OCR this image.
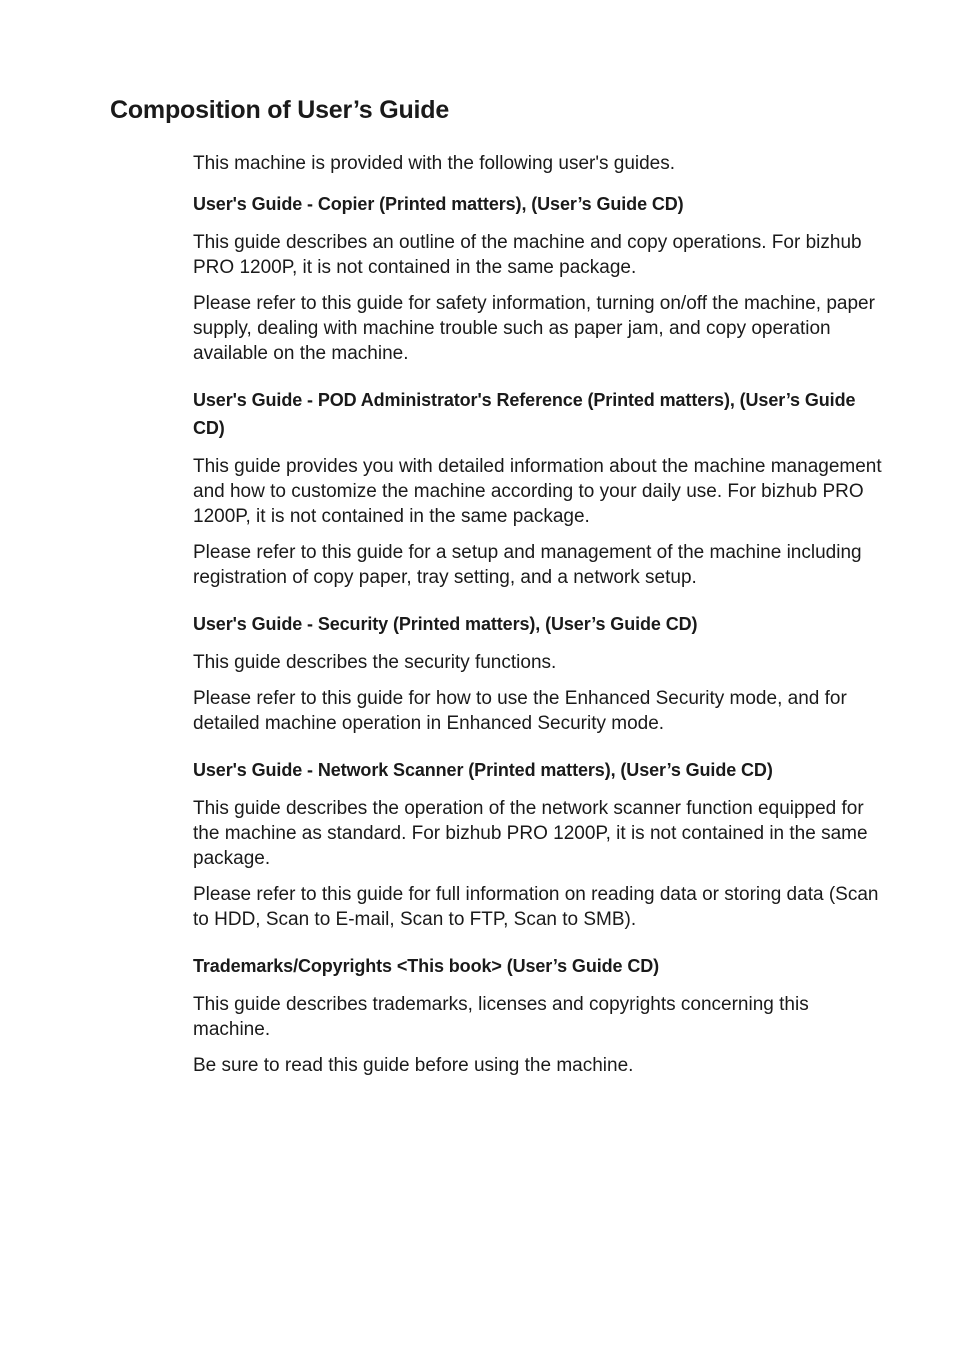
Composition of User’s Guide

This machine is provided with the following user's guides.

User's Guide - Copier (Printed matters), (User’s Guide CD)

This guide describes an outline of the machine and copy operations. For bizhub PRO 1200P, it is not contained in the same package.

Please refer to this guide for safety information, turning on/off the machine, paper supply, dealing with machine trouble such as paper jam, and copy operation available on the machine.

User's Guide - POD Administrator's Reference (Printed matters), (User’s Guide CD)

This guide provides you with detailed information about the machine management and how to customize the machine according to your daily use. For bizhub PRO 1200P, it is not contained in the same package.

Please refer to this guide for a setup and management of the machine including registration of copy paper, tray setting, and a network setup.

User's Guide - Security (Printed matters), (User’s Guide CD)

This guide describes the security functions.

Please refer to this guide for how to use the Enhanced Security mode, and for detailed machine operation in Enhanced Security mode.

User's Guide - Network Scanner (Printed matters), (User’s Guide CD)

This guide describes the operation of the network scanner function equipped for the machine as standard. For bizhub PRO 1200P, it is not contained in the same package.

Please refer to this guide for full information on reading data or storing data (Scan to HDD, Scan to E-mail, Scan to FTP, Scan to SMB).

Trademarks/Copyrights <This book> (User’s Guide CD)

This guide describes trademarks, licenses and copyrights concerning this machine.

Be sure to read this guide before using the machine.
